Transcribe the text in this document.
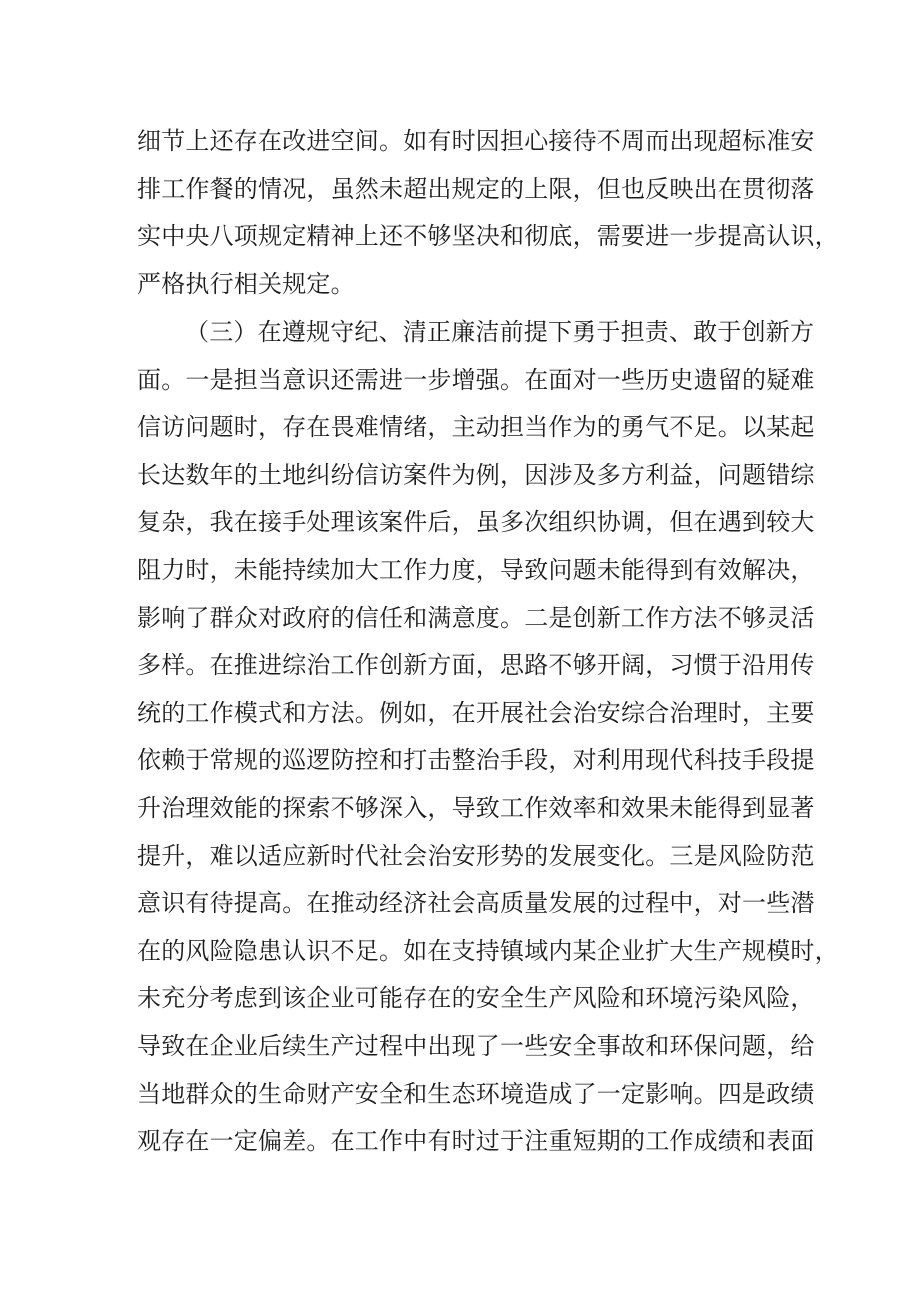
细节上还存在改进空间。如有时因担心接待不周而出现超标准安
排工作餐的情况，虽然未超出规定的上限，但也反映出在贯彻落
实中央八项规定精神上还不够坚决和彻底，需要进一步提高认识，
严格执行相关规定。
（三）在遵规守纪、清正廉洁前提下勇于担责、敢于创新方
面。一是担当意识还需进一步增强。在面对一些历史遗留的疑难
信访问题时，存在畏难情绪，主动担当作为的勇气不足。以某起
长达数年的土地纠纷信访案件为例，因涉及多方利益，问题错综
复杂，我在接手处理该案件后，虽多次组织协调，但在遇到较大
阻力时，未能持续加大工作力度，导致问题未能得到有效解决，
影响了群众对政府的信任和满意度。二是创新工作方法不够灵活
多样。在推进综治工作创新方面，思路不够开阔，习惯于沿用传
统的工作模式和方法。例如，在开展社会治安综合治理时，主要
依赖于常规的巡逻防控和打击整治手段，对利用现代科技手段提
升治理效能的探索不够深入，导致工作效率和效果未能得到显著
提升，难以适应新时代社会治安形势的发展变化。三是风险防范
意识有待提高。在推动经济社会高质量发展的过程中，对一些潜
在的风险隐患认识不足。如在支持镇域内某企业扩大生产规模时，
未充分考虑到该企业可能存在的安全生产风险和环境污染风险，
导致在企业后续生产过程中出现了一些安全事故和环保问题，给
当地群众的生命财产安全和生态环境造成了一定影响。四是政绩
观存在一定偏差。在工作中有时过于注重短期的工作成绩和表面
